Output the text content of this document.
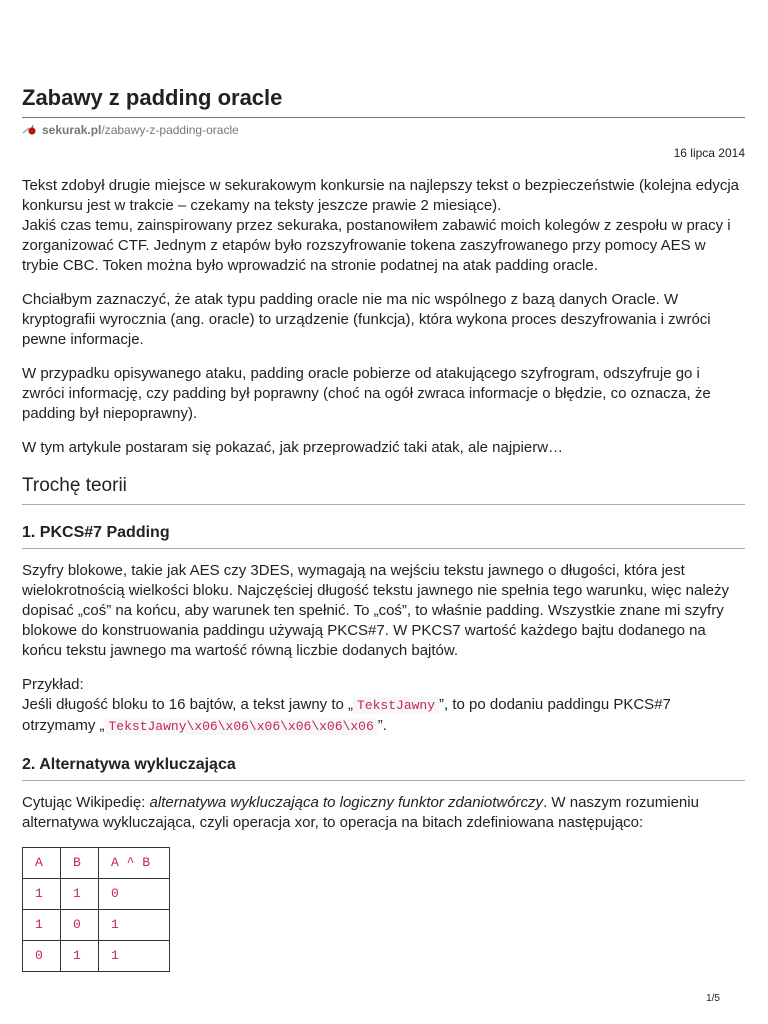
Zabawy z padding oracle
sekurak.pl/zabawy-z-padding-oracle
16 lipca 2014

Tekst zdobył drugie miejsce w sekurakowym konkursie na najlepszy tekst o bezpieczeństwie (kolejna edycja konkursu jest w trakcie – czekamy na teksty jeszcze prawie 2 miesiące).
Jakiś czas temu, zainspirowany przez sekuraka, postanowiłem zabawić moich kolegów z zespołu w pracy i zorganizować CTF. Jednym z etapów było rozszyfrowanie tokena zaszyfrowanego przy pomocy AES w trybie CBC. Token można było wprowadzić na stronie podatnej na atak padding oracle.

Chciałbym zaznaczyć, że atak typu padding oracle nie ma nic wspólnego z bazą danych Oracle. W kryptografii wyrocznia (ang. oracle) to urządzenie (funkcja), która wykona proces deszyfrowania i zwróci pewne informacje.

W przypadku opisywanego ataku, padding oracle pobierze od atakującego szyfrogram, odszyfruje go i zwróci informację, czy padding był poprawny (choć na ogół zwraca informacje o błędzie, co oznacza, że padding był niepoprawny).

W tym artykule postaram się pokazać, jak przeprowadzić taki atak, ale najpierw…

Trochę teorii
1. PKCS#7 Padding

Szyfry blokowe, takie jak AES czy 3DES, wymagają na wejściu tekstu jawnego o długości, która jest wielokrotnością wielkości bloku. Najczęściej długość tekstu jawnego nie spełnia tego warunku, więc należy dopisać „coś” na końcu, aby warunek ten spełnić. To „coś”, to właśnie padding. Wszystkie znane mi szyfry blokowe do konstruowania paddingu używają PKCS#7. W PKCS7 wartość każdego bajtu dodanego na końcu tekstu jawnego ma wartość równą liczbie dodanych bajtów.

Przykład:
Jeśli długość bloku to 16 bajtów, a tekst jawny to „ TekstJawny ”, to po dodaniu paddingu PKCS#7 otrzymamy „ TekstJawny\x06\x06\x06\x06\x06\x06 ”.

2. Alternatywa wykluczająca

Cytując Wikipedię: alternatywa wykluczająca to logiczny funktor zdaniotwórczy. W naszym rozumieniu alternatywa wykluczająca, czyli operacja xor, to operacja na bitach zdefiniowana następująco:

A	B	A ^ B
1	1	0
1	0	1
0	1	1
1/5
